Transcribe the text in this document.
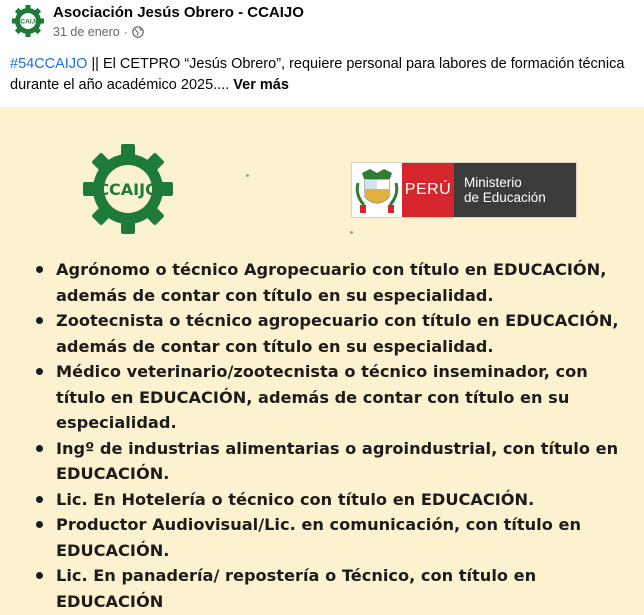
CCAIJO
Asociación Jesús Obrero - CCAIJO
31 de enero ·
#54CCAIJO || El CETPRO “Jesús Obrero”, requiere personal para labores de formación técnica durante el año académico 2025.... Ver más
CCAIJO	PERÚ Ministerio
de Educación
Agrónomo o técnico Agropecuario con título en EDUCACIÓN, además de contar con título en su especialidad.
Zootecnista o técnico agropecuario con título en EDUCACIÓN, además de contar con título en su especialidad.
Médico veterinario/zootecnista o técnico inseminador, con título en EDUCACIÓN, además de contar con título en su especialidad.
Ingº de industrias alimentarias o agroindustrial, con título en EDUCACIÓN.
Lic. En Hotelería o técnico con título en EDUCACIÓN.
Productor Audiovisual/Lic. en comunicación, con título en EDUCACIÓN.
Lic. En panadería/ repostería o Técnico, con título en EDUCACIÓN
